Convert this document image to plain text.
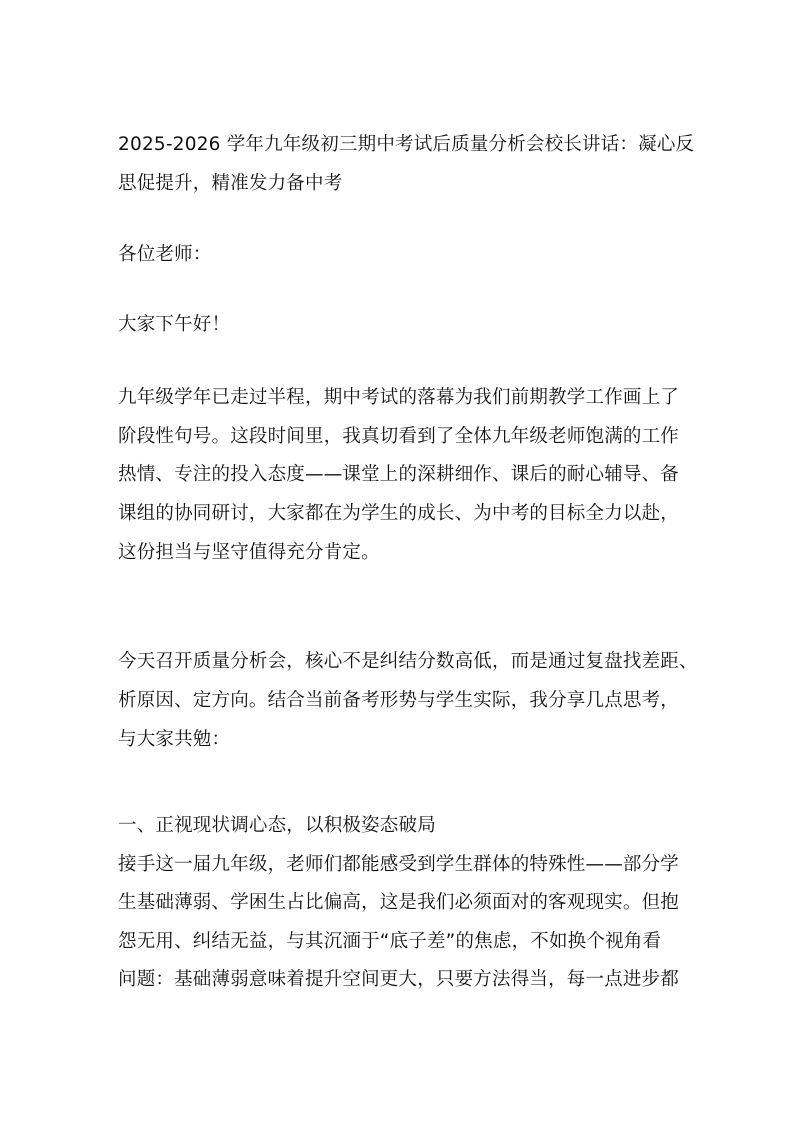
2025-2026 学年九年级初三期中考试后质量分析会校长讲话：凝心反
思促提升，精准发力备中考
各位老师：
大家下午好！
九年级学年已走过半程，期中考试的落幕为我们前期教学工作画上了
阶段性句号。这段时间里，我真切看到了全体九年级老师饱满的工作
热情、专注的投入态度——课堂上的深耕细作、课后的耐心辅导、备
课组的协同研讨，大家都在为学生的成长、为中考的目标全力以赴，
这份担当与坚守值得充分肯定。
今天召开质量分析会，核心不是纠结分数高低，而是通过复盘找差距、
析原因、定方向。结合当前备考形势与学生实际，我分享几点思考，
与大家共勉：
一、正视现状调心态，以积极姿态破局
接手这一届九年级，老师们都能感受到学生群体的特殊性——部分学
生基础薄弱、学困生占比偏高，这是我们必须面对的客观现实。但抱
怨无用、纠结无益，与其沉湎于“底子差”的焦虑，不如换个视角看
问题：基础薄弱意味着提升空间更大，只要方法得当，每一点进步都
